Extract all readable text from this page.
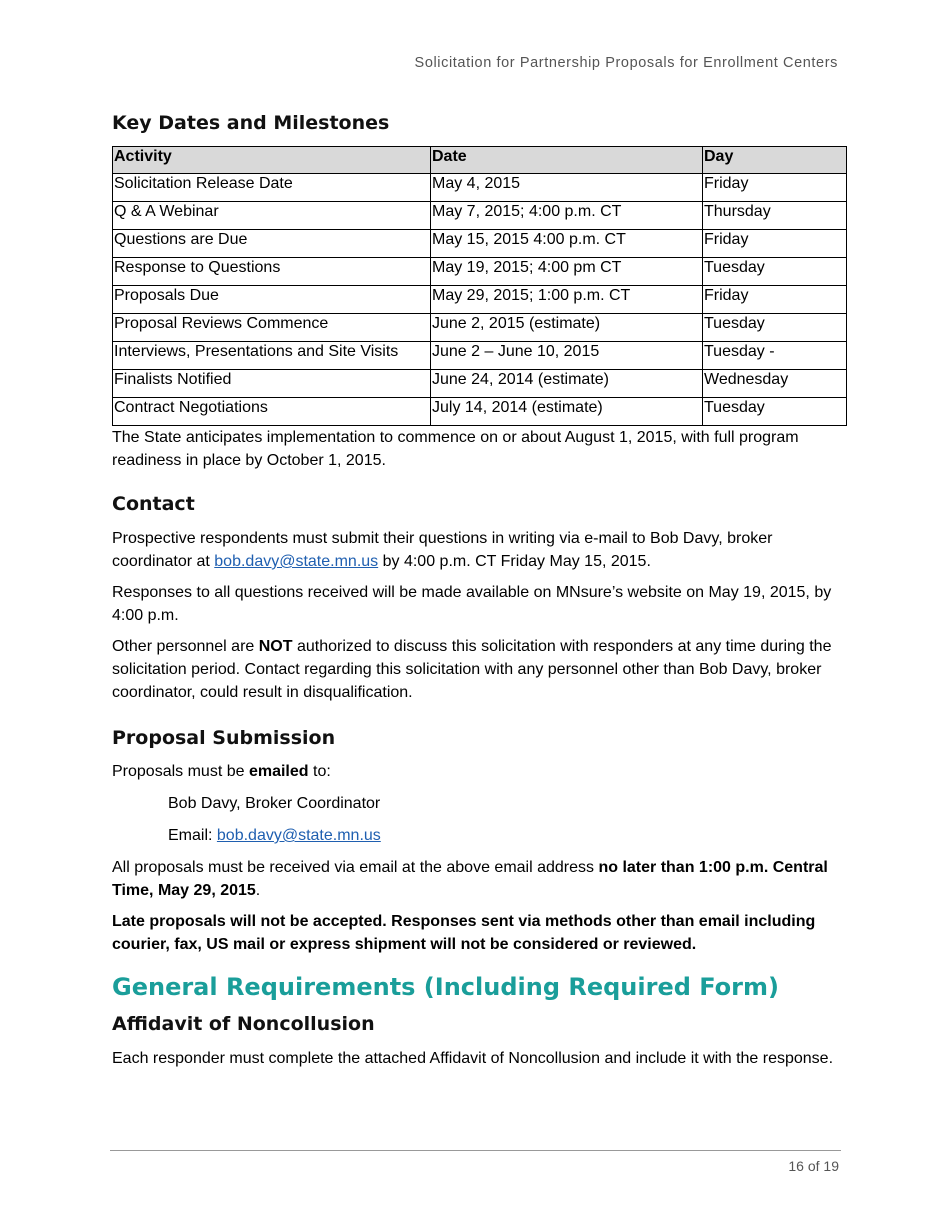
Solicitation for Partnership Proposals for Enrollment Centers
Key Dates and Milestones
Activity	Date	Day
Solicitation Release Date	May 4, 2015	Friday
Q & A Webinar	May 7, 2015; 4:00 p.m. CT	Thursday
Questions are Due	May 15, 2015 4:00 p.m. CT	Friday
Response to Questions	May 19, 2015; 4:00 pm CT	Tuesday
Proposals Due	May 29, 2015; 1:00 p.m. CT	Friday
Proposal Reviews Commence	June 2, 2015 (estimate)	Tuesday
Interviews, Presentations and Site Visits	June 2 – June 10, 2015	Tuesday -
Finalists Notified	June 24, 2014 (estimate)	Wednesday
Contract Negotiations	July 14, 2014 (estimate)	Tuesday

The State anticipates implementation to commence on or about August 1, 2015, with full program readiness in place by October 1, 2015.

Contact

Prospective respondents must submit their questions in writing via e-mail to Bob Davy, broker coordinator at bob.davy@state.mn.us by 4:00 p.m. CT Friday May 15, 2015.

Responses to all questions received will be made available on MNsure’s website on May 19, 2015, by 4:00 p.m.

Other personnel are NOT authorized to discuss this solicitation with responders at any time during the solicitation period. Contact regarding this solicitation with any personnel other than Bob Davy, broker coordinator, could result in disqualification.

Proposal Submission

Proposals must be emailed to:

Bob Davy, Broker Coordinator

Email: bob.davy@state.mn.us

All proposals must be received via email at the above email address no later than 1:00 p.m. Central Time, May 29, 2015.

Late proposals will not be accepted. Responses sent via methods other than email including courier, fax, US mail or express shipment will not be considered or reviewed.

General Requirements (Including Required Form)
Affidavit of Noncollusion

Each responder must complete the attached Affidavit of Noncollusion and include it with the response.

16 of 19
